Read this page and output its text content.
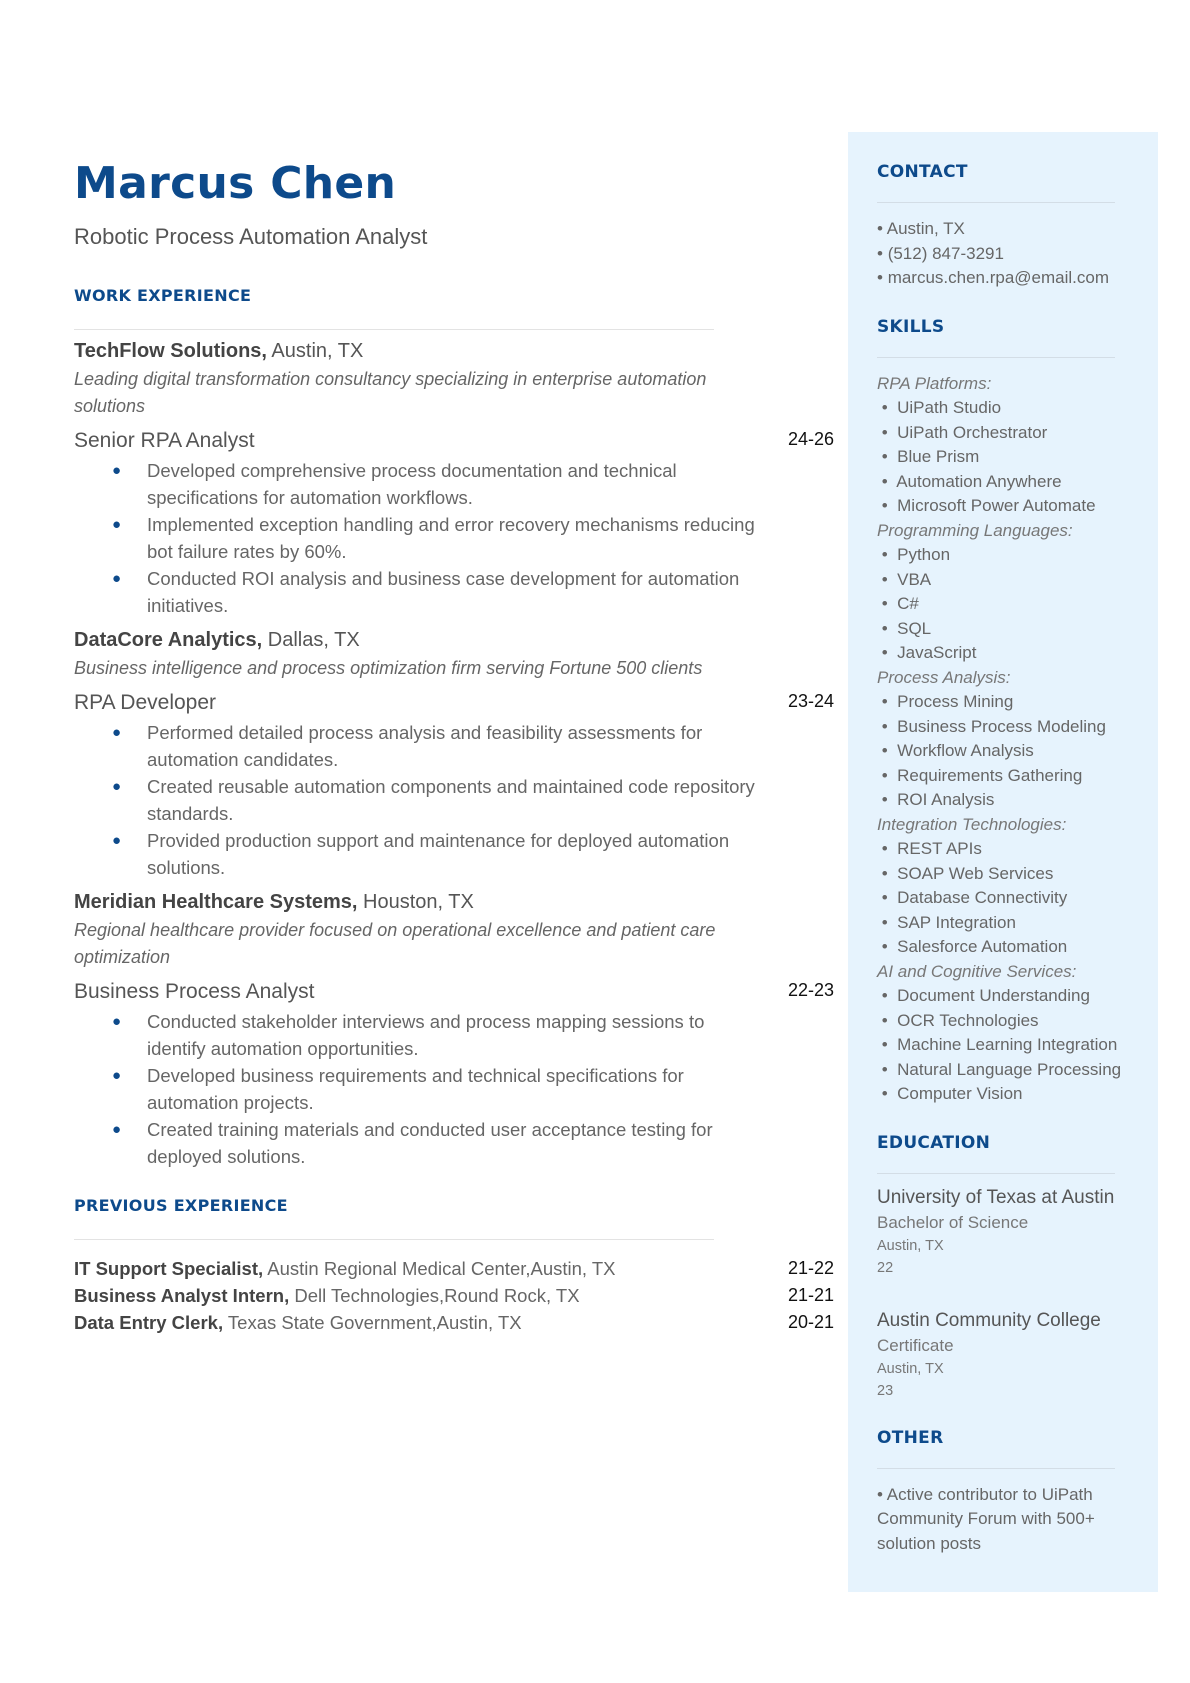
Marcus Chen
Robotic Process Automation Analyst
WORK EXPERIENCE
TechFlow Solutions, Austin, TX
Leading digital transformation consultancy specializing in enterprise automation solutions
Senior RPA Analyst	24-26
● Developed comprehensive process documentation and technical specifications for automation workflows.
● Implemented exception handling and error recovery mechanisms reducing bot failure rates by 60%.
● Conducted ROI analysis and business case development for automation initiatives.
DataCore Analytics, Dallas, TX
Business intelligence and process optimization firm serving Fortune 500 clients
RPA Developer	23-24
● Performed detailed process analysis and feasibility assessments for automation candidates.
● Created reusable automation components and maintained code repository standards.
● Provided production support and maintenance for deployed automation solutions.
Meridian Healthcare Systems, Houston, TX
Regional healthcare provider focused on operational excellence and patient care optimization
Business Process Analyst	22-23
● Conducted stakeholder interviews and process mapping sessions to identify automation opportunities.
● Developed business requirements and technical specifications for automation projects.
● Created training materials and conducted user acceptance testing for deployed solutions.
PREVIOUS EXPERIENCE
IT Support Specialist, Austin Regional Medical Center,Austin, TX	21-22
Business Analyst Intern, Dell Technologies,Round Rock, TX	21-21
Data Entry Clerk, Texas State Government,Austin, TX	20-21
CONTACT
• Austin, TX
• (512) 847-3291
• marcus.chen.rpa@email.com
SKILLS
RPA Platforms:
•  UiPath Studio
•  UiPath Orchestrator
•  Blue Prism
•  Automation Anywhere
•  Microsoft Power Automate
Programming Languages:
•  Python
•  VBA
•  C#
•  SQL
•  JavaScript
Process Analysis:
•  Process Mining
•  Business Process Modeling
•  Workflow Analysis
•  Requirements Gathering
•  ROI Analysis
Integration Technologies:
•  REST APIs
•  SOAP Web Services
•  Database Connectivity
•  SAP Integration
•  Salesforce Automation
AI and Cognitive Services:
•  Document Understanding
•  OCR Technologies
•  Machine Learning Integration
•  Natural Language Processing
•  Computer Vision
EDUCATION
University of Texas at Austin
Bachelor of Science
Austin, TX
22
Austin Community College
Certificate
Austin, TX
23
OTHER
• Active contributor to UiPath Community Forum with 500+ solution posts
